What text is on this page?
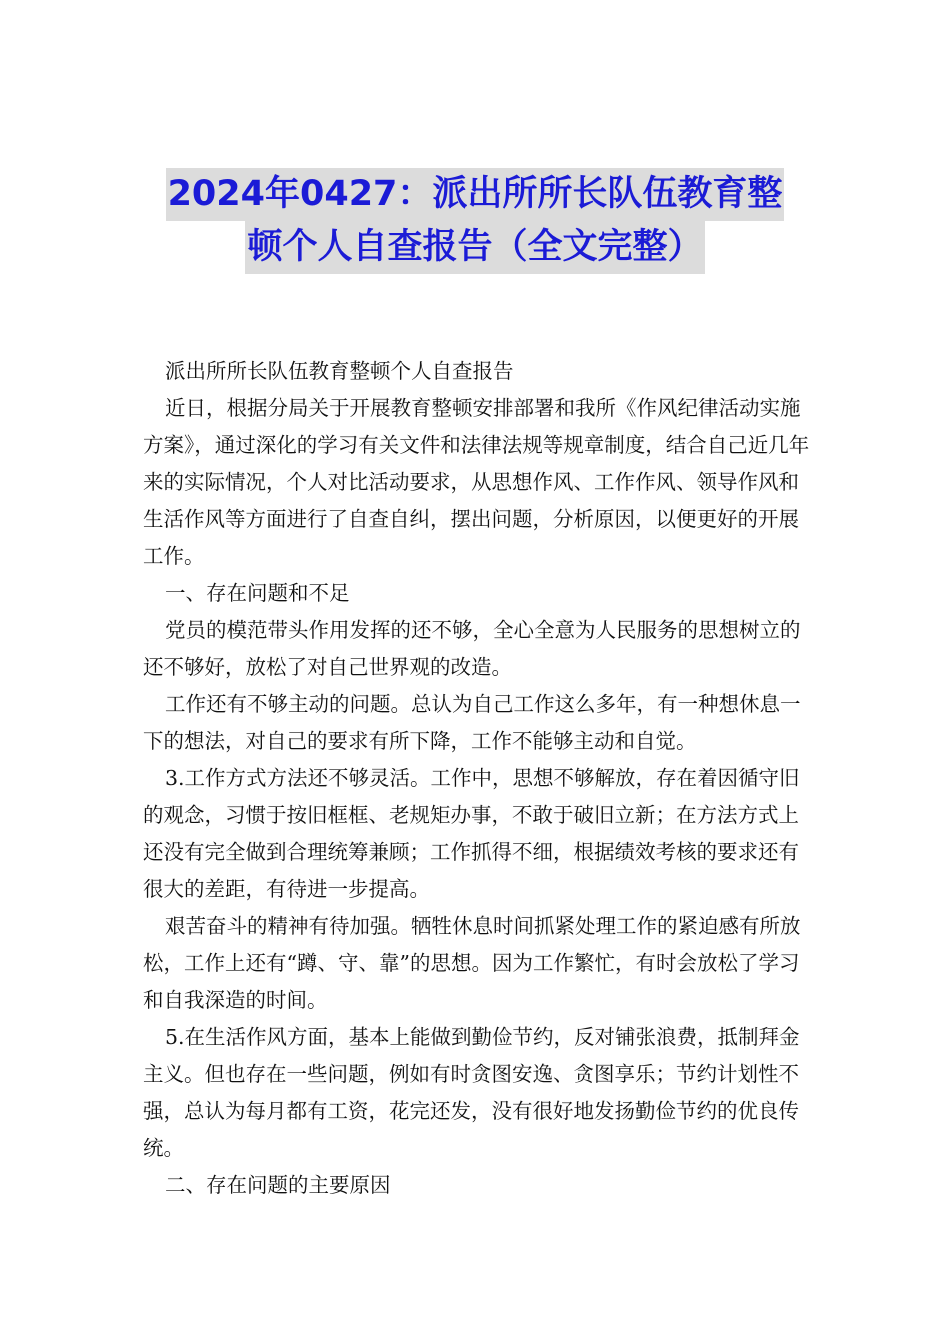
2024年0427：派出所所长队伍教育整
顿个人自查报告（全文完整）

派出所所长队伍教育整顿个人自查报告

近日，根据分局关于开展教育整顿安排部署和我所《作风纪律活动实施方案》，通过深化的学习有关文件和法律法规等规章制度，结合自己近几年来的实际情况，个人对比活动要求，从思想作风、工作作风、领导作风和生活作风等方面进行了自查自纠，摆出问题，分析原因，以便更好的开展工作。

一、存在问题和不足

党员的模范带头作用发挥的还不够，全心全意为人民服务的思想树立的还不够好，放松了对自己世界观的改造。

工作还有不够主动的问题。总认为自己工作这么多年，有一种想休息一下的想法，对自己的要求有所下降，工作不能够主动和自觉。

3.工作方式方法还不够灵活。工作中，思想不够解放，存在着因循守旧的观念，习惯于按旧框框、老规矩办事，不敢于破旧立新；在方法方式上还没有完全做到合理统筹兼顾；工作抓得不细，根据绩效考核的要求还有很大的差距，有待进一步提高。

艰苦奋斗的精神有待加强。牺牲休息时间抓紧处理工作的紧迫感有所放松，工作上还有“蹲、守、靠”的思想。因为工作繁忙，有时会放松了学习和自我深造的时间。

5.在生活作风方面，基本上能做到勤俭节约，反对铺张浪费，抵制拜金主义。但也存在一些问题，例如有时贪图安逸、贪图享乐；节约计划性不强，总认为每月都有工资，花完还发，没有很好地发扬勤俭节约的优良传统。

二、存在问题的主要原因
